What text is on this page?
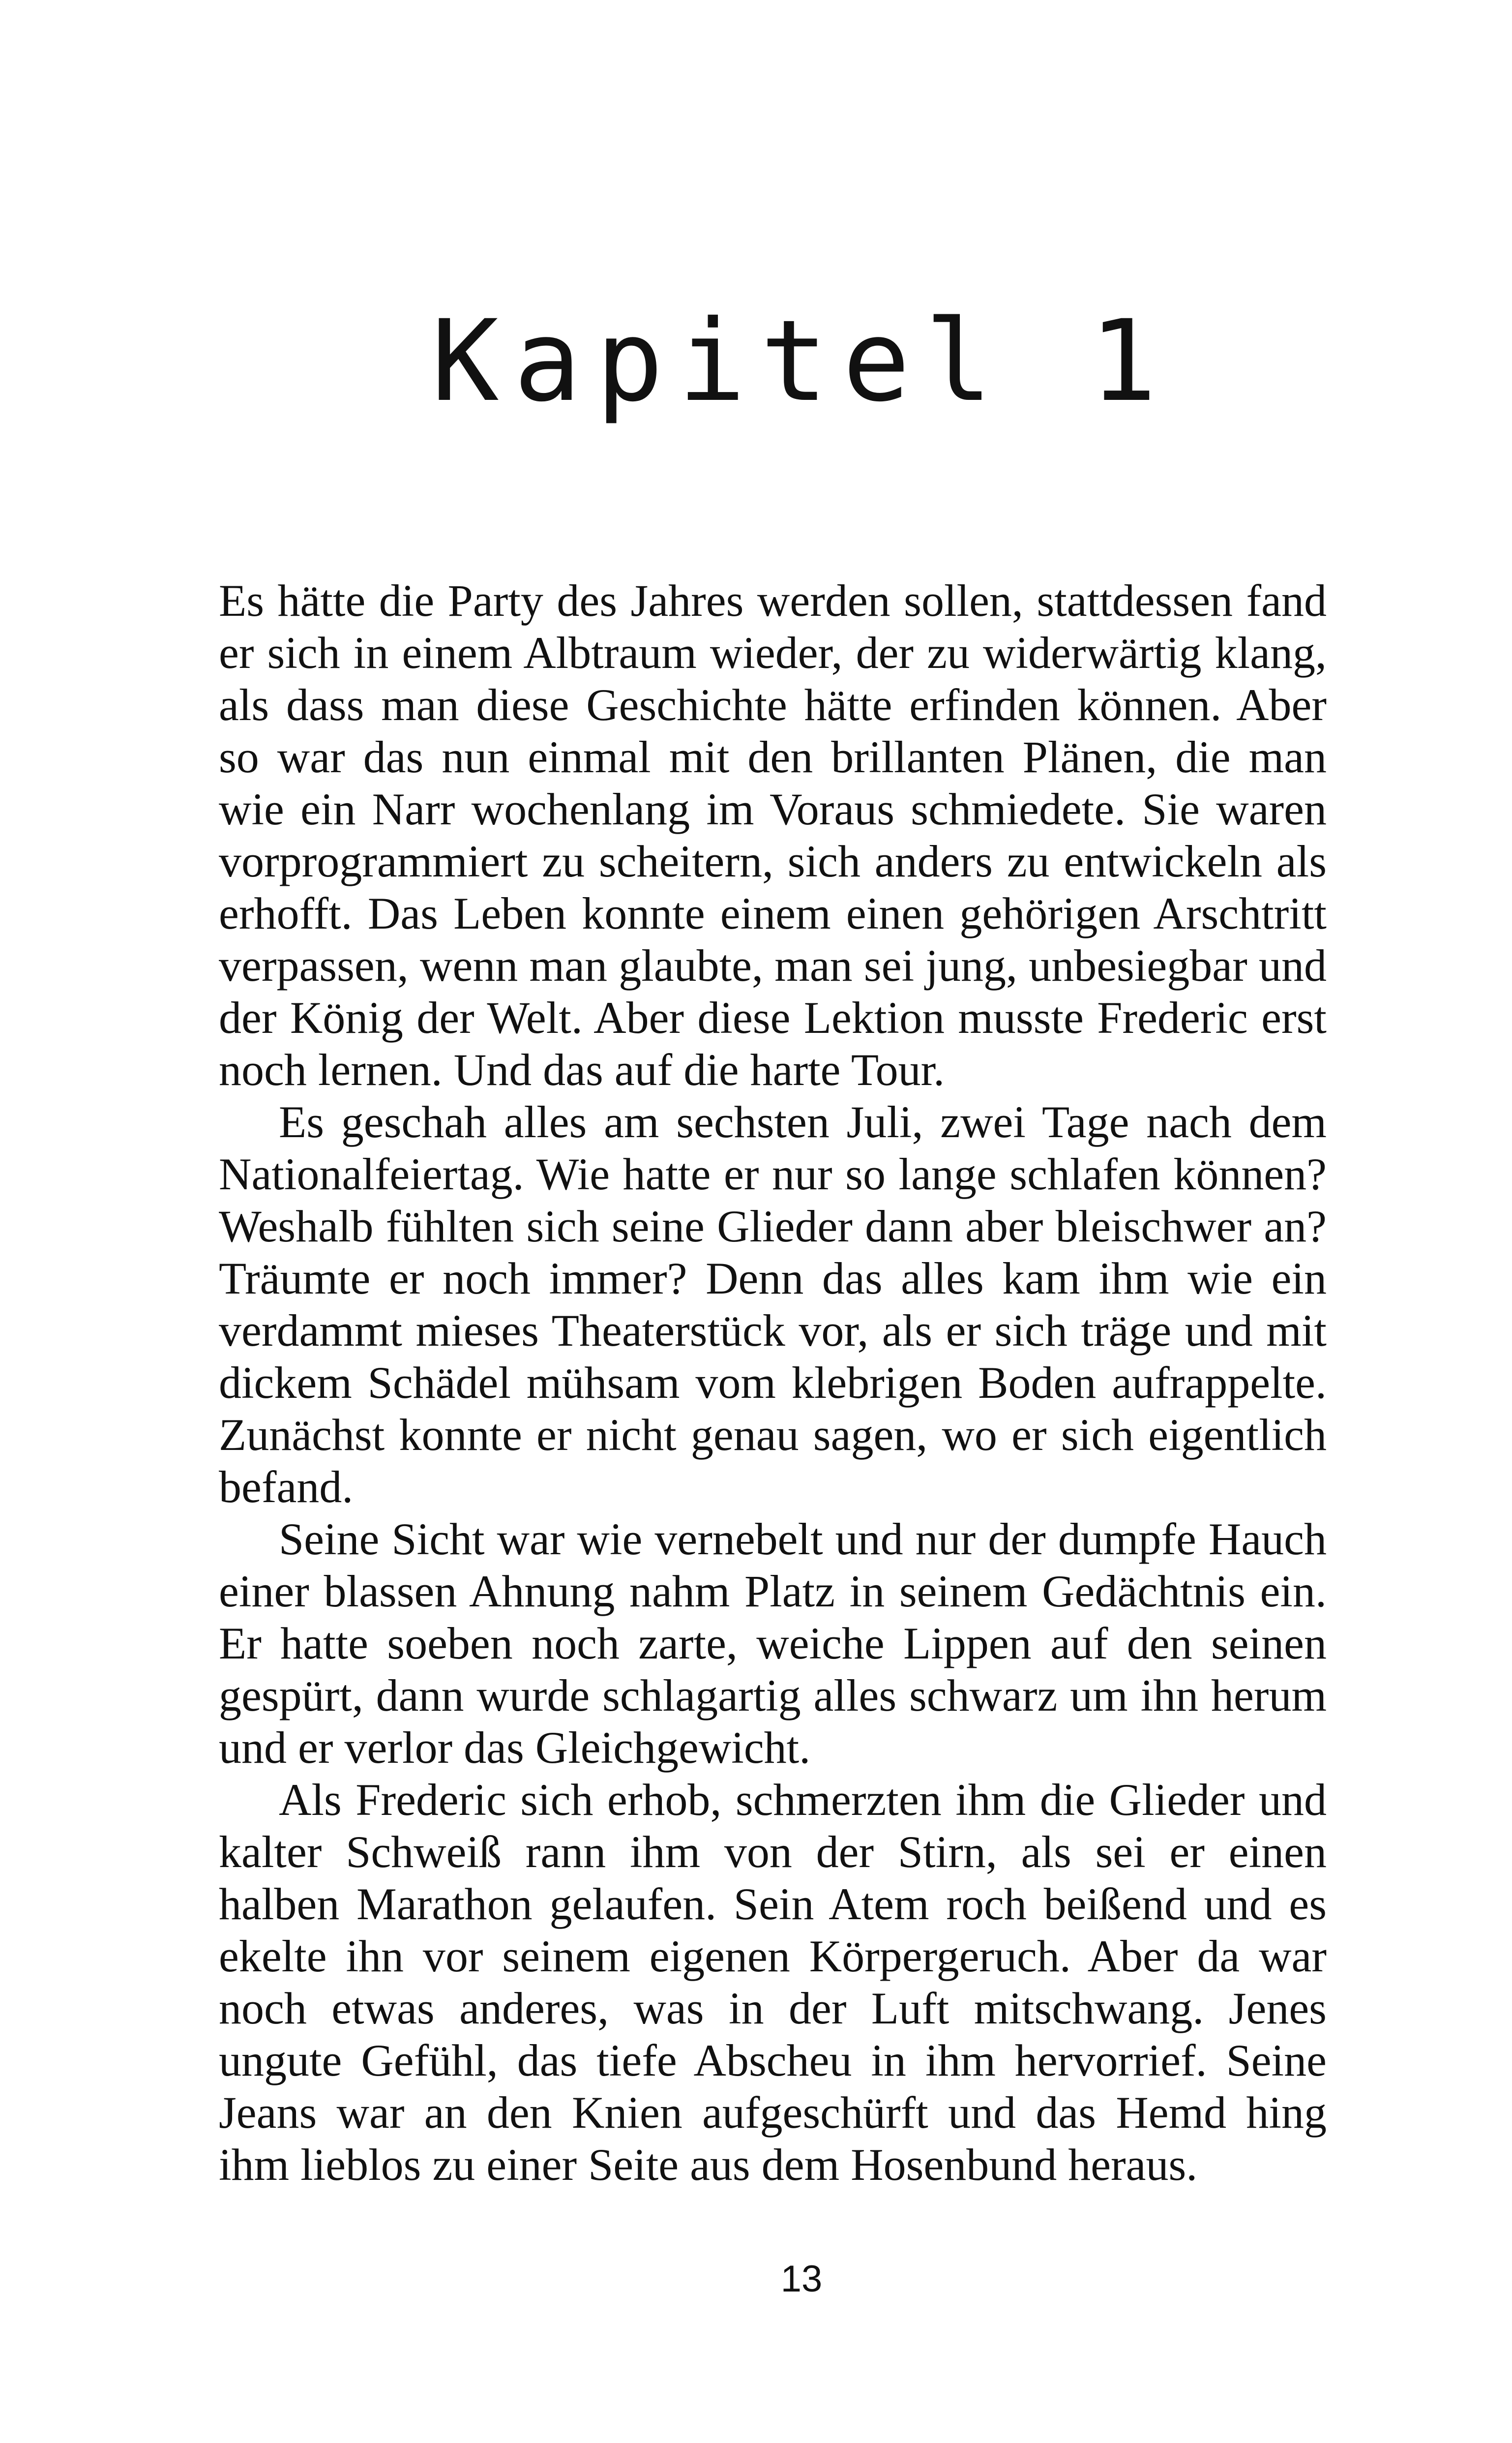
Kapitel 1

Es hätte die Party des Jahres werden sollen, stattdessen fand er sich in einem Albtraum wieder, der zu widerwärtig klang, als dass man diese Geschichte hätte erfinden können. Aber so war das nun einmal mit den brillanten Plänen, die man wie ein Narr wochenlang im Voraus schmiedete. Sie waren vorprogrammiert zu scheitern, sich anders zu entwickeln als erhofft. Das Leben konnte einem einen gehörigen Arschtritt verpassen, wenn man glaubte, man sei jung, unbesiegbar und der König der Welt. Aber diese Lektion musste Frederic erst noch lernen. Und das auf die harte Tour.

Es geschah alles am sechsten Juli, zwei Tage nach dem Nationalfeiertag. Wie hatte er nur so lange schlafen können? Weshalb fühlten sich seine Glieder dann aber bleischwer an? Träumte er noch immer? Denn das alles kam ihm wie ein verdammt mieses Theaterstück vor, als er sich träge und mit dickem Schädel mühsam vom klebrigen Boden aufrappelte. Zunächst konnte er nicht genau sagen, wo er sich eigentlich befand.

Seine Sicht war wie vernebelt und nur der dumpfe Hauch einer blassen Ahnung nahm Platz in seinem Gedächtnis ein. Er hatte soeben noch zarte, weiche Lippen auf den seinen gespürt, dann wurde schlagartig alles schwarz um ihn herum und er verlor das Gleichgewicht.

Als Frederic sich erhob, schmerzten ihm die Glieder und kalter Schweiß rann ihm von der Stirn, als sei er einen halben Marathon gelaufen. Sein Atem roch beißend und es ekelte ihn vor seinem eigenen Körpergeruch. Aber da war noch etwas anderes, was in der Luft mitschwang. Jenes ungute Gefühl, das tiefe Abscheu in ihm hervorrief. Seine Jeans war an den Knien aufgeschürft und das Hemd hing ihm lieblos zu einer Seite aus dem Hosenbund heraus.

13
